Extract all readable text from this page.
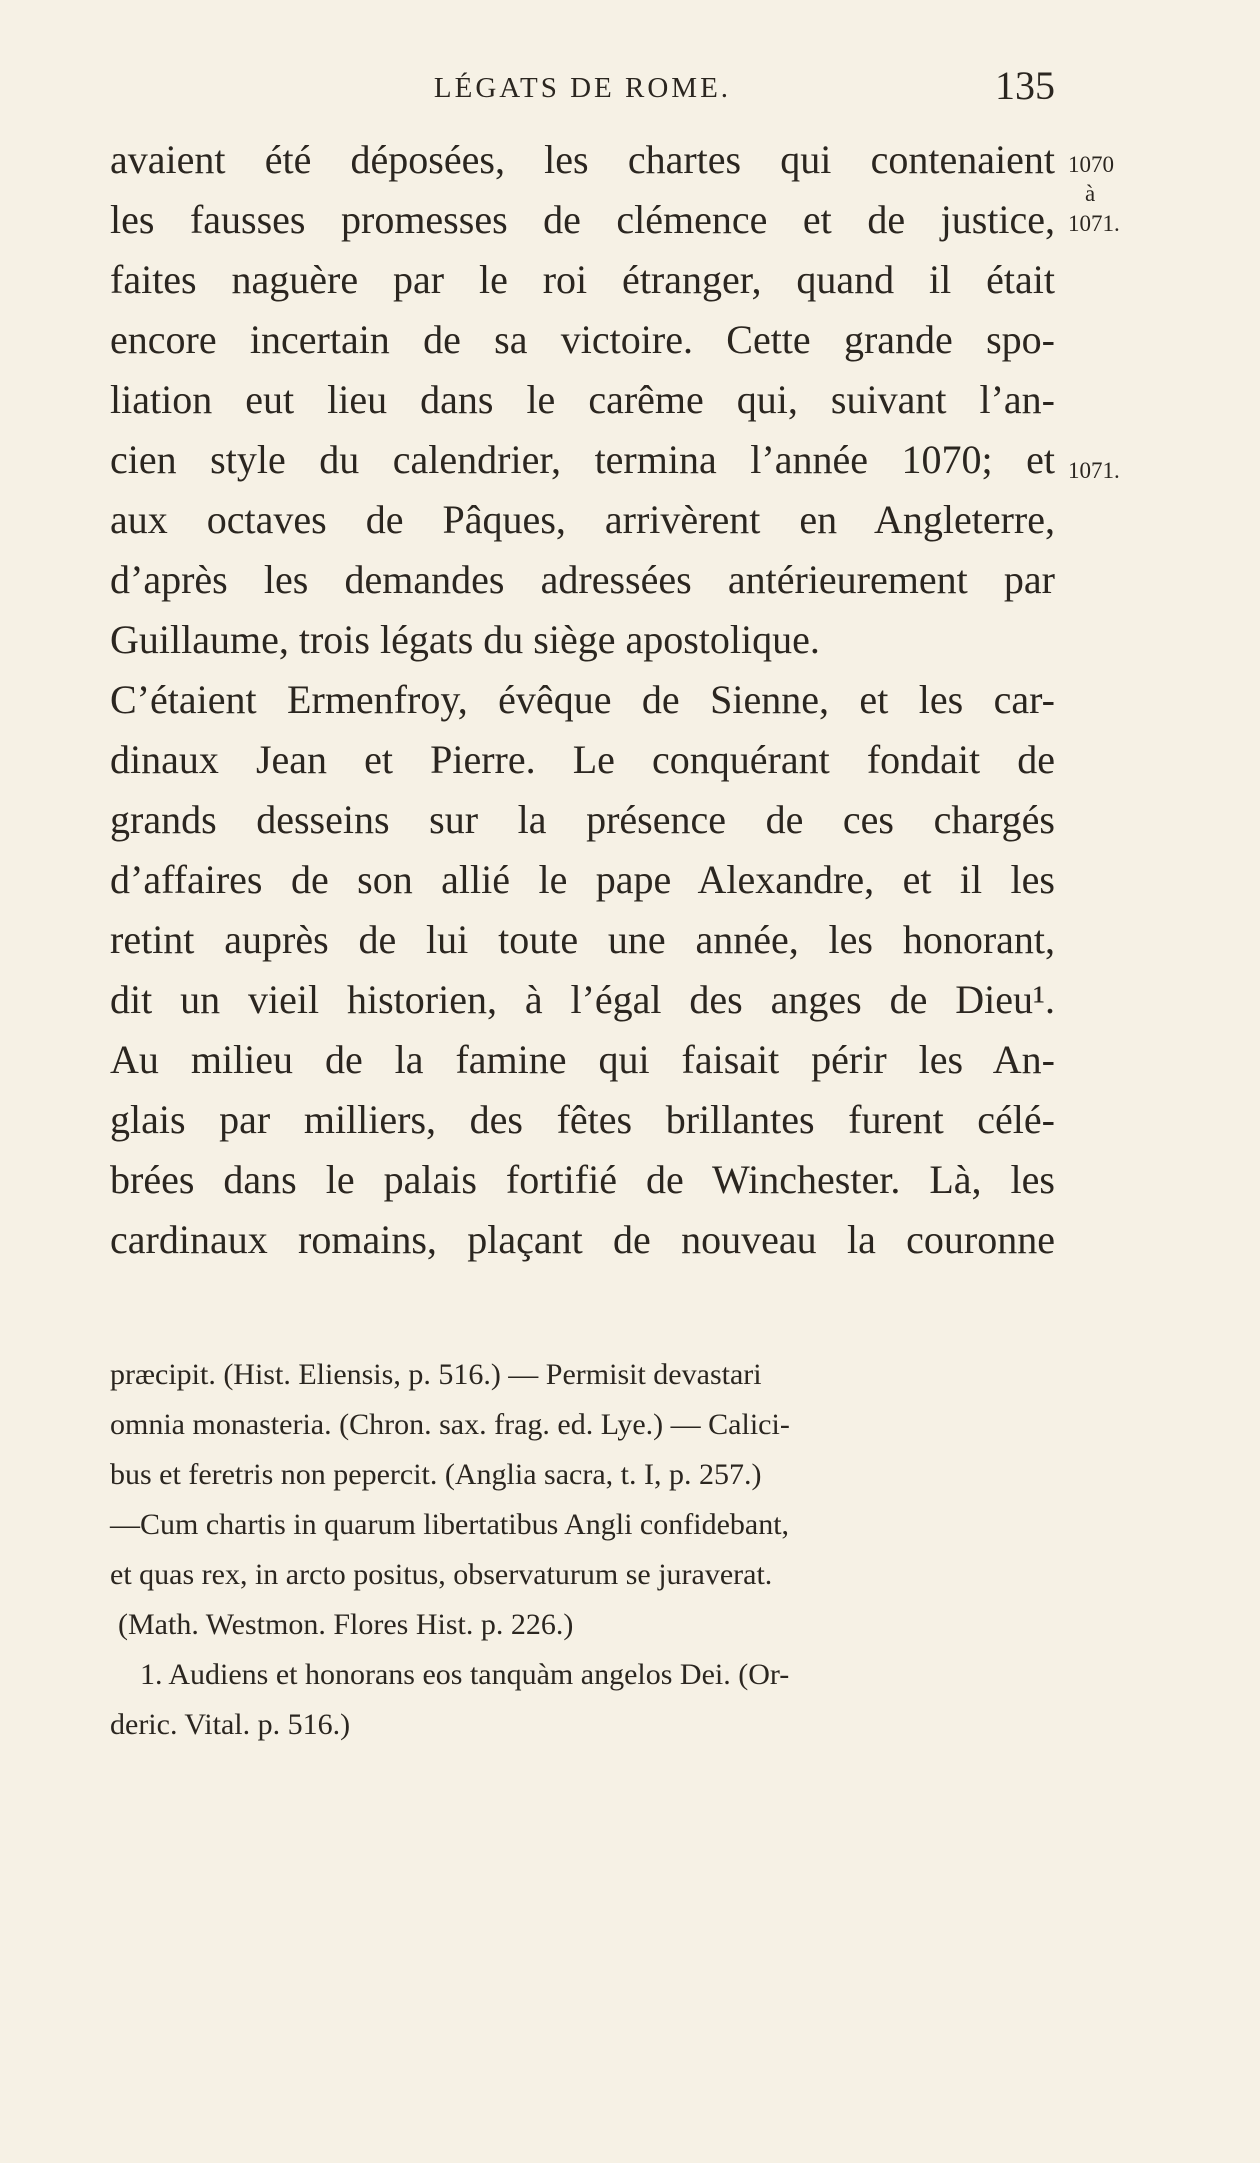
LÉGATS DE ROME.	135
avaient été déposées, les chartes qui contenaient
les fausses promesses de clémence et de justice,
faites naguère par le roi étranger, quand il était
encore incertain de sa victoire. Cette grande spo-
liation eut lieu dans le carême qui, suivant l’an-
cien style du calendrier, termina l’année 1070; et
aux octaves de Pâques, arrivèrent en Angleterre,
d’après les demandes adressées antérieurement par
Guillaume, trois légats du siège apostolique.
C’étaient Ermenfroy, évêque de Sienne, et les car-
dinaux Jean et Pierre. Le conquérant fondait de
grands desseins sur la présence de ces chargés
d’affaires de son allié le pape Alexandre, et il les
retint auprès de lui toute une année, les honorant,
dit un vieil historien, à l’égal des anges de Dieu¹.
Au milieu de la famine qui faisait périr les An-
glais par milliers, des fêtes brillantes furent célé-
brées dans le palais fortifié de Winchester. Là, les
cardinaux romains, plaçant de nouveau la couronne
1070
à
1071.
1071.
præcipit. (Hist. Eliensis, p. 516.) — Permisit devastari
omnia monasteria. (Chron. sax. frag. ed. Lye.) — Calici-
bus et feretris non pepercit. (Anglia sacra, t. I, p. 257.)
—Cum chartis in quarum libertatibus Angli confidebant,
et quas rex, in arcto positus, observaturum se juraverat.
(Math. Westmon. Flores Hist. p. 226.)
1. Audiens et honorans eos tanquàm angelos Dei. (Or-
deric. Vital. p. 516.)
